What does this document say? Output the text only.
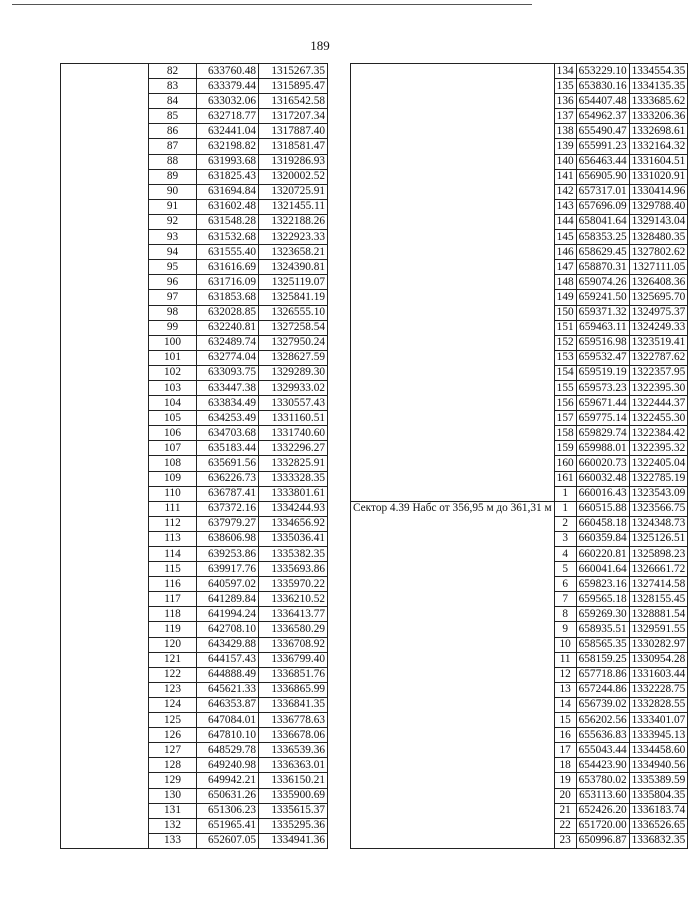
189
	82	633760.48	1315267.35
	83	633379.44	1315895.47
	84	633032.06	1316542.58
	85	632718.77	1317207.34
	86	632441.04	1317887.40
	87	632198.82	1318581.47
	88	631993.68	1319286.93
	89	631825.43	1320002.52
	90	631694.84	1320725.91
	91	631602.48	1321455.11
	92	631548.28	1322188.26
	93	631532.68	1322923.33
	94	631555.40	1323658.21
	95	631616.69	1324390.81
	96	631716.09	1325119.07
	97	631853.68	1325841.19
	98	632028.85	1326555.10
	99	632240.81	1327258.54
	100	632489.74	1327950.24
	101	632774.04	1328627.59
	102	633093.75	1329289.30
	103	633447.38	1329933.02
	104	633834.49	1330557.43
	105	634253.49	1331160.51
	106	634703.68	1331740.60
	107	635183.44	1332296.27
	108	635691.56	1332825.91
	109	636226.73	1333328.35
	110	636787.41	1333801.61
	111	637372.16	1334244.93
	112	637979.27	1334656.92
	113	638606.98	1335036.41
	114	639253.86	1335382.35
	115	639917.76	1335693.86
	116	640597.02	1335970.22
	117	641289.84	1336210.52
	118	641994.24	1336413.77
	119	642708.10	1336580.29
	120	643429.88	1336708.92
	121	644157.43	1336799.40
	122	644888.49	1336851.76
	123	645621.33	1336865.99
	124	646353.87	1336841.35
	125	647084.01	1336778.63
	126	647810.10	1336678.06
	127	648529.78	1336539.36
	128	649240.98	1336363.01
	129	649942.21	1336150.21
	130	650631.26	1335900.69
	131	651306.23	1335615.37
	132	651965.41	1335295.36
	133	652607.05	1334941.36
	134	653229.10	1334554.35
	135	653830.16	1334135.35
	136	654407.48	1333685.62
	137	654962.37	1333206.36
	138	655490.47	1332698.61
	139	655991.23	1332164.32
	140	656463.44	1331604.51
	141	656905.90	1331020.91
	142	657317.01	1330414.96
	143	657696.09	1329788.40
	144	658041.64	1329143.04
	145	658353.25	1328480.35
	146	658629.45	1327802.62
	147	658870.31	1327111.05
	148	659074.26	1326408.36
	149	659241.50	1325695.70
	150	659371.32	1324975.37
	151	659463.11	1324249.33
	152	659516.98	1323519.41
	153	659532.47	1322787.62
	154	659519.19	1322357.95
	155	659573.23	1322395.30
	156	659671.44	1322444.37
	157	659775.14	1322455.30
	158	659829.74	1322384.42
	159	659988.01	1322395.32
	160	660020.73	1322405.04
	161	660032.48	1322785.19
	1	660016.43	1323543.09
Сектор 4.39 Набс от 356,95 м до 361,31 м	1	660515.88	1323566.75
	2	660458.18	1324348.73
	3	660359.84	1325126.51
	4	660220.81	1325898.23
	5	660041.64	1326661.72
	6	659823.16	1327414.58
	7	659565.18	1328155.45
	8	659269.30	1328881.54
	9	658935.51	1329591.55
	10	658565.35	1330282.97
	11	658159.25	1330954.28
	12	657718.86	1331603.44
	13	657244.86	1332228.75
	14	656739.02	1332828.55
	15	656202.56	1333401.07
	16	655636.83	1333945.13
	17	655043.44	1334458.60
	18	654423.90	1334940.56
	19	653780.02	1335389.59
	20	653113.60	1335804.35
	21	652426.20	1336183.74
	22	651720.00	1336526.65
	23	650996.87	1336832.35
